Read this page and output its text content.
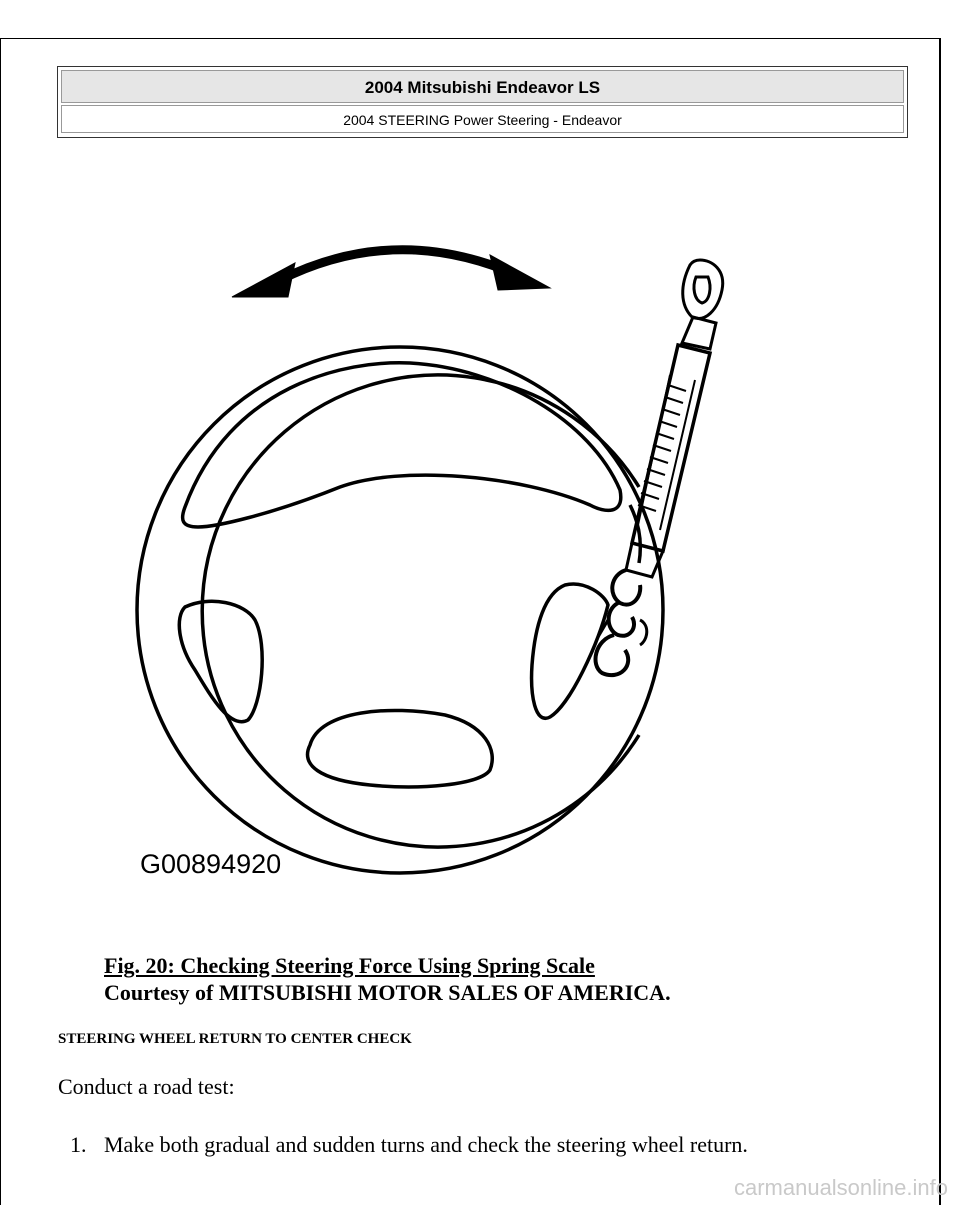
2004 Mitsubishi Endeavor LS
2004 STEERING Power Steering - Endeavor
G00894920
Fig. 20: Checking Steering Force Using Spring Scale
Courtesy of MITSUBISHI MOTOR SALES OF AMERICA.
STEERING WHEEL RETURN TO CENTER CHECK
Conduct a road test:
1. Make both gradual and sudden turns and check the steering wheel return.
carmanualsonline.info
